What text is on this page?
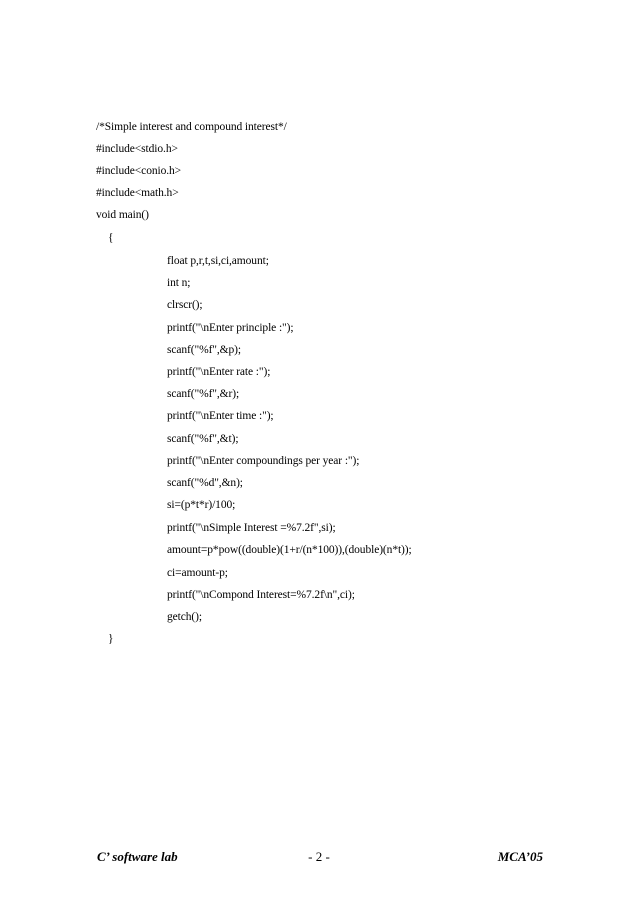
/*Simple interest and compound interest*/
#include<stdio.h>
#include<conio.h>
#include<math.h>
void main()
{
float p,r,t,si,ci,amount;
int n;
clrscr();
printf("\nEnter principle :");
scanf("%f",&p);
printf("\nEnter rate :");
scanf("%f",&r);
printf("\nEnter time :");
scanf("%f",&t);
printf("\nEnter compoundings per year :");
scanf("%d",&n);
si=(p*t*r)/100;
printf("\nSimple Interest =%7.2f",si);
amount=p*pow((double)(1+r/(n*100)),(double)(n*t));
ci=amount-p;
printf("\nCompond Interest=%7.2f\n",ci);
getch();
}
C’ software lab	- 2 -	MCA’05
